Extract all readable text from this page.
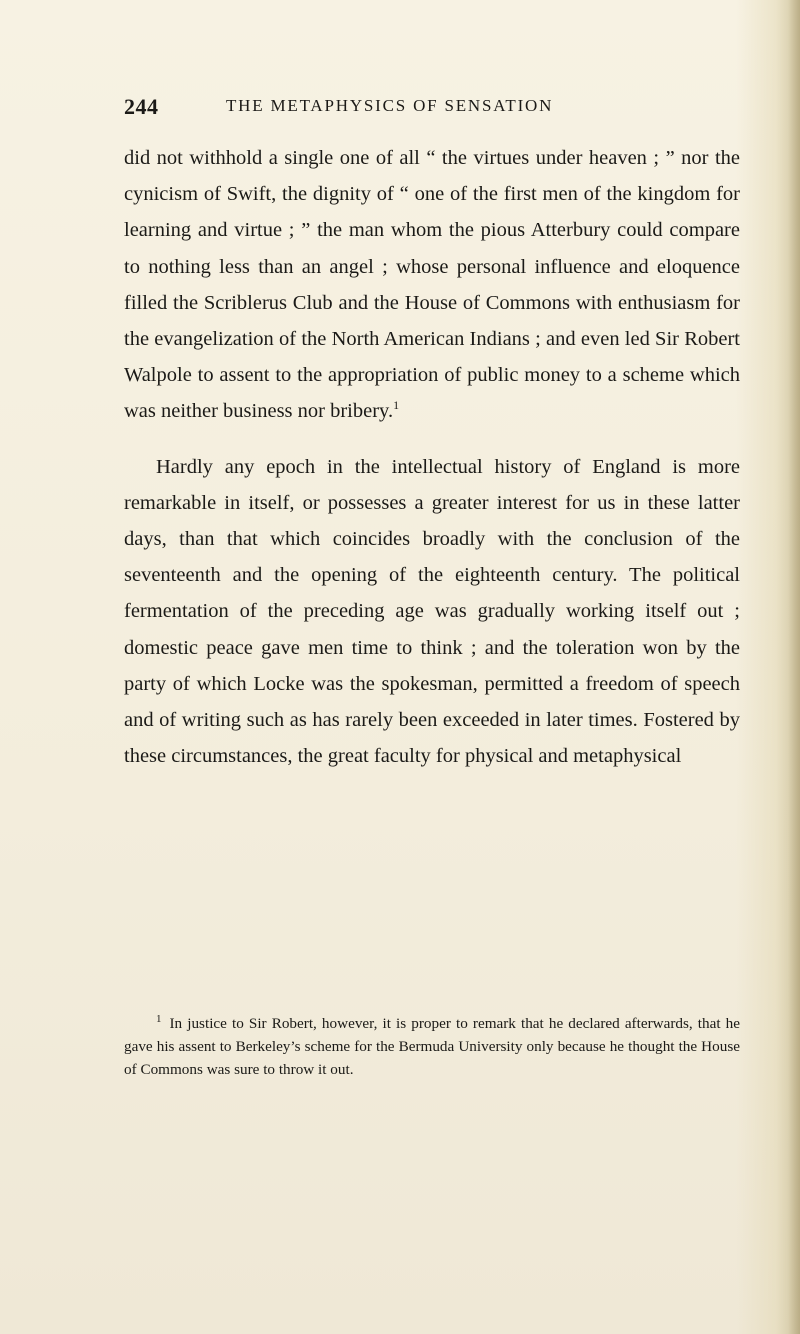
244	THE METAPHYSICS OF SENSATION

did not withhold a single one of all “ the virtues under heaven ; ” nor the cynicism of Swift, the dignity of “ one of the first men of the kingdom for learning and virtue ; ” the man whom the pious Atterbury could compare to nothing less than an angel ; whose personal influence and eloquence filled the Scriblerus Club and the House of Commons with enthusiasm for the evangelization of the North American Indians ; and even led Sir Robert Walpole to assent to the appropriation of public money to a scheme which was neither business nor bribery.$^1$

Hardly any epoch in the intellectual history of England is more remarkable in itself, or possesses a greater interest for us in these latter days, than that which coincides broadly with the conclusion of the seventeenth and the opening of the eighteenth century. The political fermentation of the preceding age was gradually working itself out ; domestic peace gave men time to think ; and the toleration won by the party of which Locke was the spokesman, permitted a freedom of speech and of writing such as has rarely been exceeded in later times. Fostered by these circumstances, the great faculty for physical and metaphysical

$^1$ In justice to Sir Robert, however, it is proper to remark that he declared afterwards, that he gave his assent to Berkeley’s scheme for the Bermuda University only because he thought the House of Commons was sure to throw it out.
